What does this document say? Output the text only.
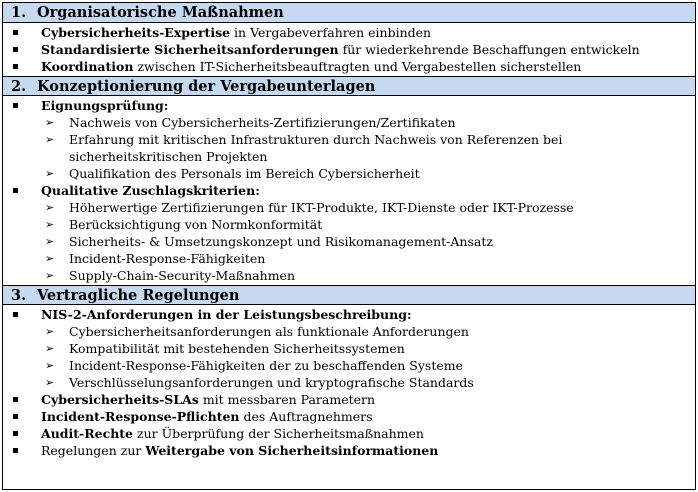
1. Organisatorische Maßnahmen
Cybersicherheits-Expertise in Vergabeverfahren einbinden
Standardisierte Sicherheitsanforderungen für wiederkehrende Beschaffungen entwickeln
Koordination zwischen IT-Sicherheitsbeauftragten und Vergabestellen sicherstellen
2. Konzeptionierung der Vergabeunterlagen
Eignungsprüfung:
➢ Nachweis von Cybersicherheits-Zertifizierungen/Zertifikaten
➢ Erfahrung mit kritischen Infrastrukturen durch Nachweis von Referenzen bei sicherheitskritischen Projekten
➢ Qualifikation des Personals im Bereich Cybersicherheit
Qualitative Zuschlagskriterien:
➢ Höherwertige Zertifizierungen für IKT-Produkte, IKT-Dienste oder IKT-Prozesse
➢ Berücksichtigung von Normkonformität
➢ Sicherheits- & Umsetzungskonzept und Risikomanagement-Ansatz
➢ Incident-Response-Fähigkeiten
➢ Supply-Chain-Security-Maßnahmen
3. Vertragliche Regelungen
NIS-2-Anforderungen in der Leistungsbeschreibung:
➢ Cybersicherheitsanforderungen als funktionale Anforderungen
➢ Kompatibilität mit bestehenden Sicherheitssystemen
➢ Incident-Response-Fähigkeiten der zu beschaffenden Systeme
➢ Verschlüsselungsanforderungen und kryptografische Standards
Cybersicherheits-SLAs mit messbaren Parametern
Incident-Response-Pflichten des Auftragnehmers
Audit-Rechte zur Überprüfung der Sicherheitsmaßnahmen
Regelungen zur Weitergabe von Sicherheitsinformationen
